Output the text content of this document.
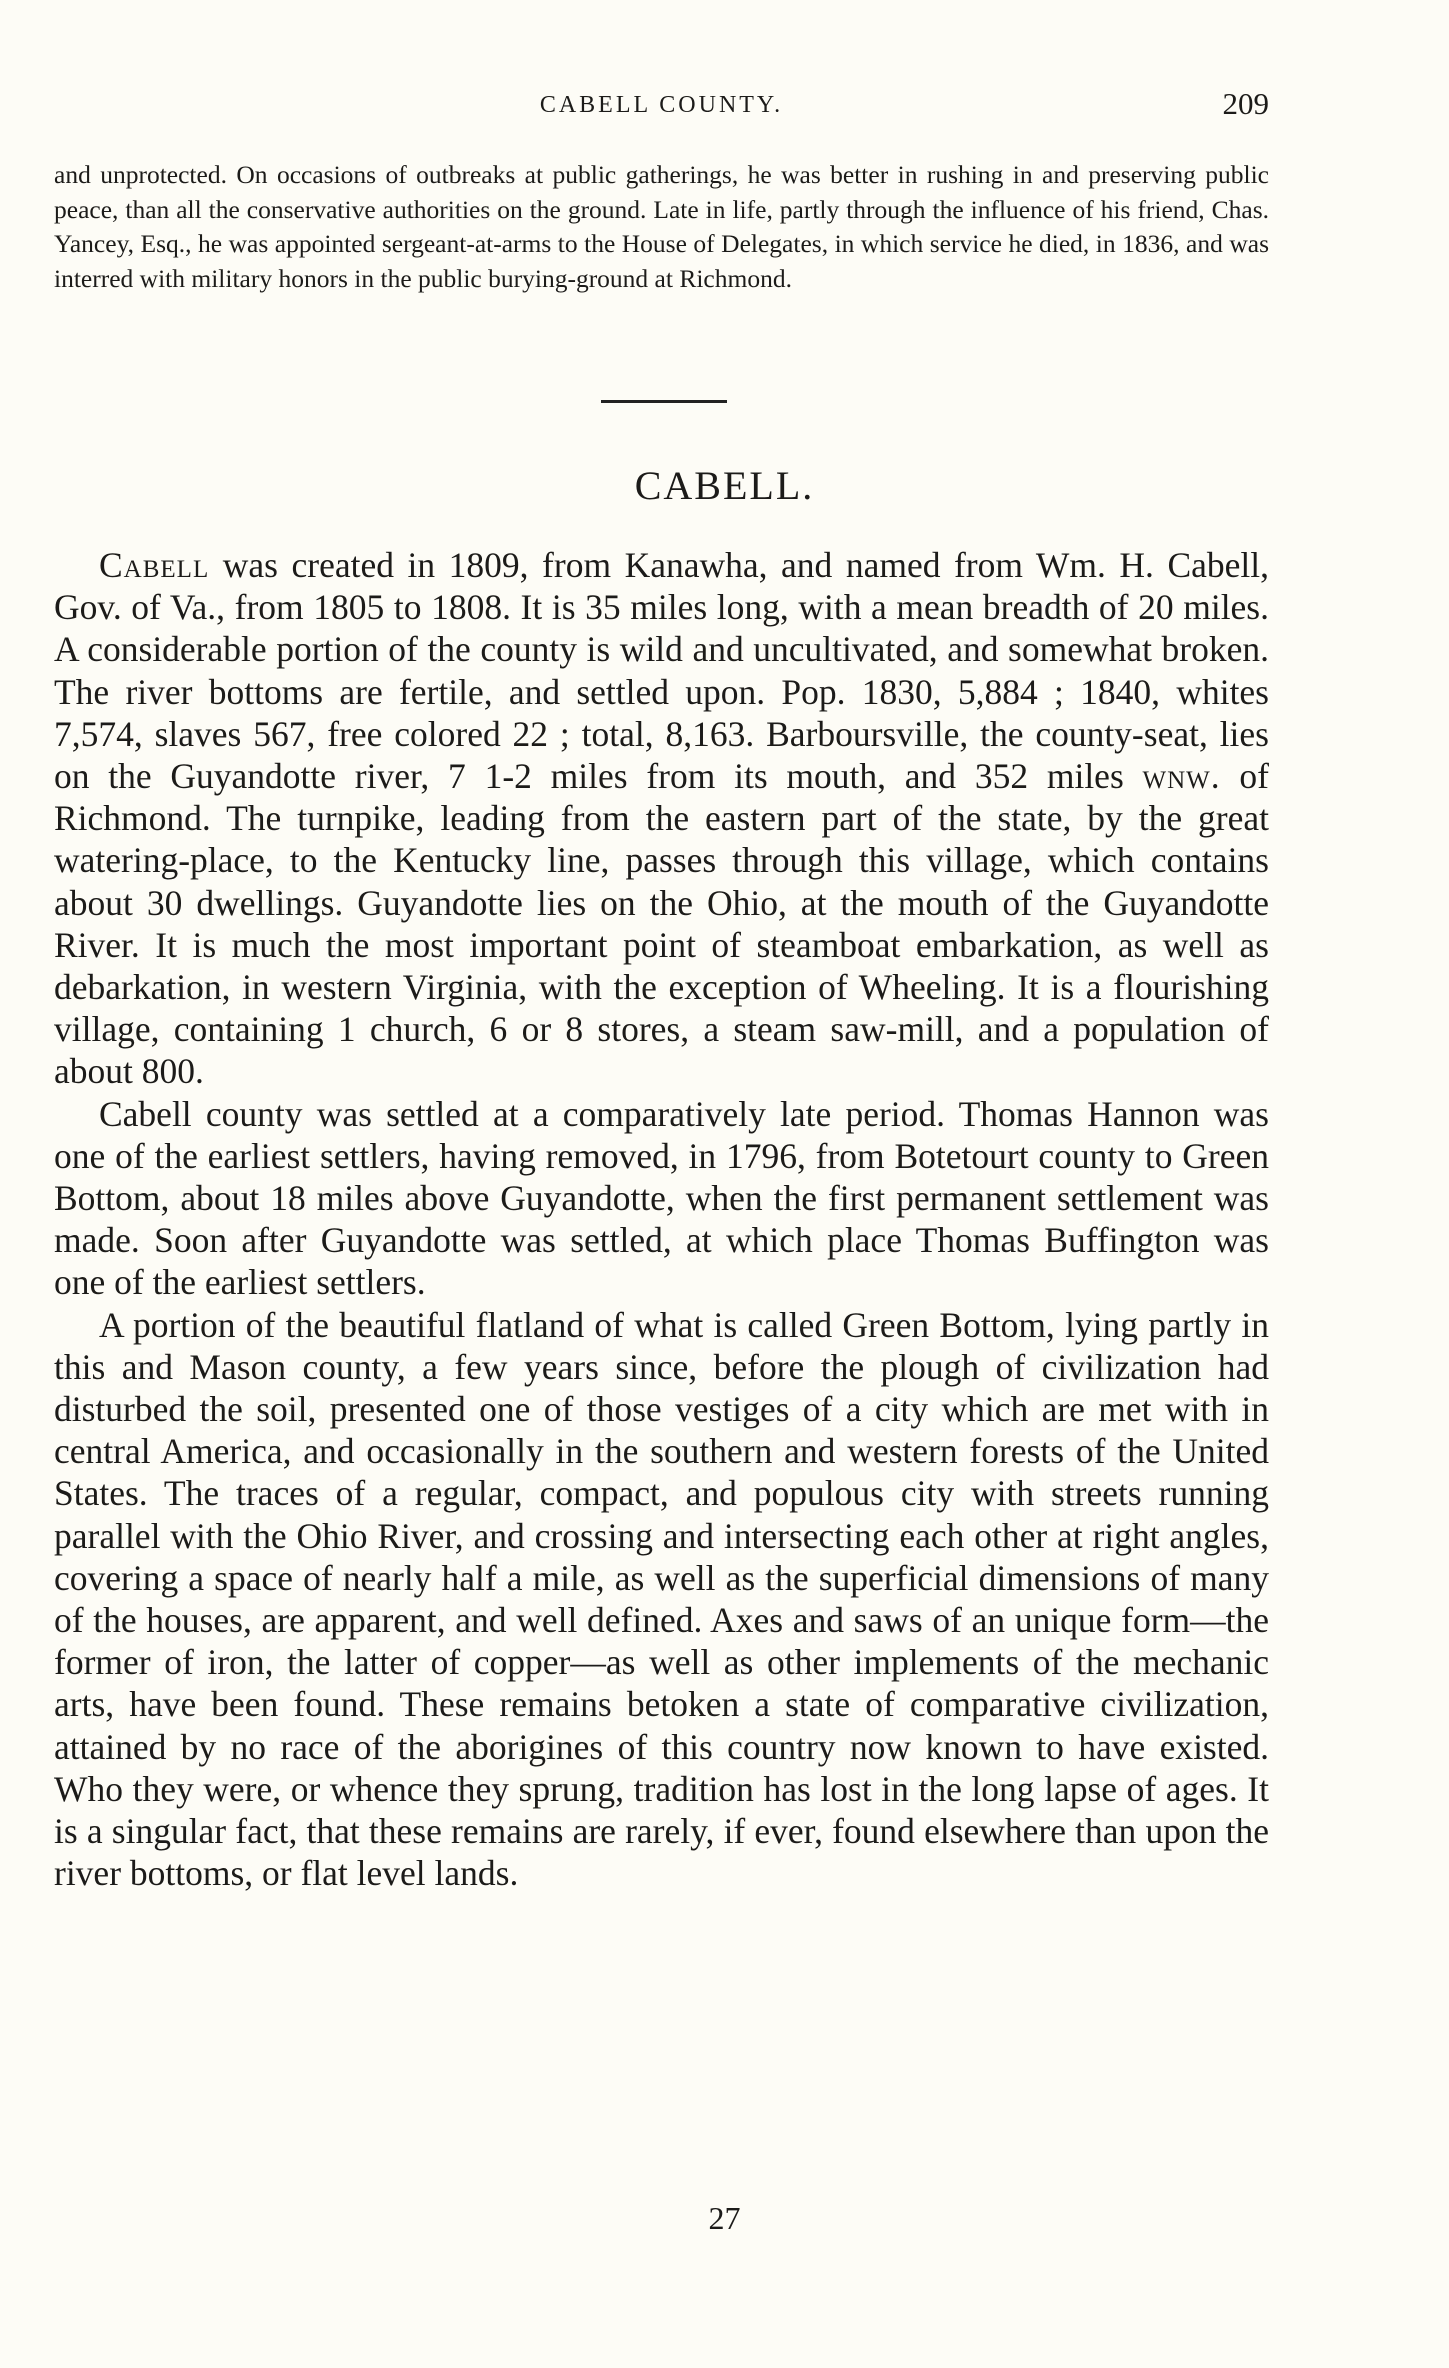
CABELL COUNTY.	209

and unprotected. On occasions of outbreaks at public gatherings, he was better in rushing in and preserving public peace, than all the conservative authorities on the ground. Late in life, partly through the influence of his friend, Chas. Yancey, Esq., he was appointed sergeant-at-arms to the House of Delegates, in which service he died, in 1836, and was interred with military honors in the public burying-ground at Richmond.

CABELL.

Cabell was created in 1809, from Kanawha, and named from Wm. H. Cabell, Gov. of Va., from 1805 to 1808. It is 35 miles long, with a mean breadth of 20 miles. A considerable portion of the county is wild and uncultivated, and somewhat broken. The river bottoms are fertile, and settled upon. Pop. 1830, 5,884 ; 1840, whites 7,574, slaves 567, free colored 22 ; total, 8,163. Barboursville, the county-seat, lies on the Guyandotte river, 7 1-2 miles from its mouth, and 352 miles wnw. of Richmond. The turnpike, leading from the eastern part of the state, by the great watering-place, to the Kentucky line, passes through this village, which contains about 30 dwellings. Guyandotte lies on the Ohio, at the mouth of the Guyandotte River. It is much the most important point of steamboat embarkation, as well as debarkation, in western Virginia, with the exception of Wheeling. It is a flourishing village, containing 1 church, 6 or 8 stores, a steam saw-mill, and a population of about 800.

Cabell county was settled at a comparatively late period. Thomas Hannon was one of the earliest settlers, having removed, in 1796, from Botetourt county to Green Bottom, about 18 miles above Guyandotte, when the first permanent settlement was made. Soon after Guyandotte was settled, at which place Thomas Buffington was one of the earliest settlers.

A portion of the beautiful flatland of what is called Green Bottom, lying partly in this and Mason county, a few years since, before the plough of civilization had disturbed the soil, presented one of those vestiges of a city which are met with in central America, and occasionally in the southern and western forests of the United States. The traces of a regular, compact, and populous city with streets running parallel with the Ohio River, and crossing and intersecting each other at right angles, covering a space of nearly half a mile, as well as the superficial dimensions of many of the houses, are apparent, and well defined. Axes and saws of an unique form—the former of iron, the latter of copper—as well as other implements of the mechanic arts, have been found. These remains betoken a state of comparative civilization, attained by no race of the aborigines of this country now known to have existed. Who they were, or whence they sprung, tradition has lost in the long lapse of ages. It is a singular fact, that these remains are rarely, if ever, found elsewhere than upon the river bottoms, or flat level lands.

27
